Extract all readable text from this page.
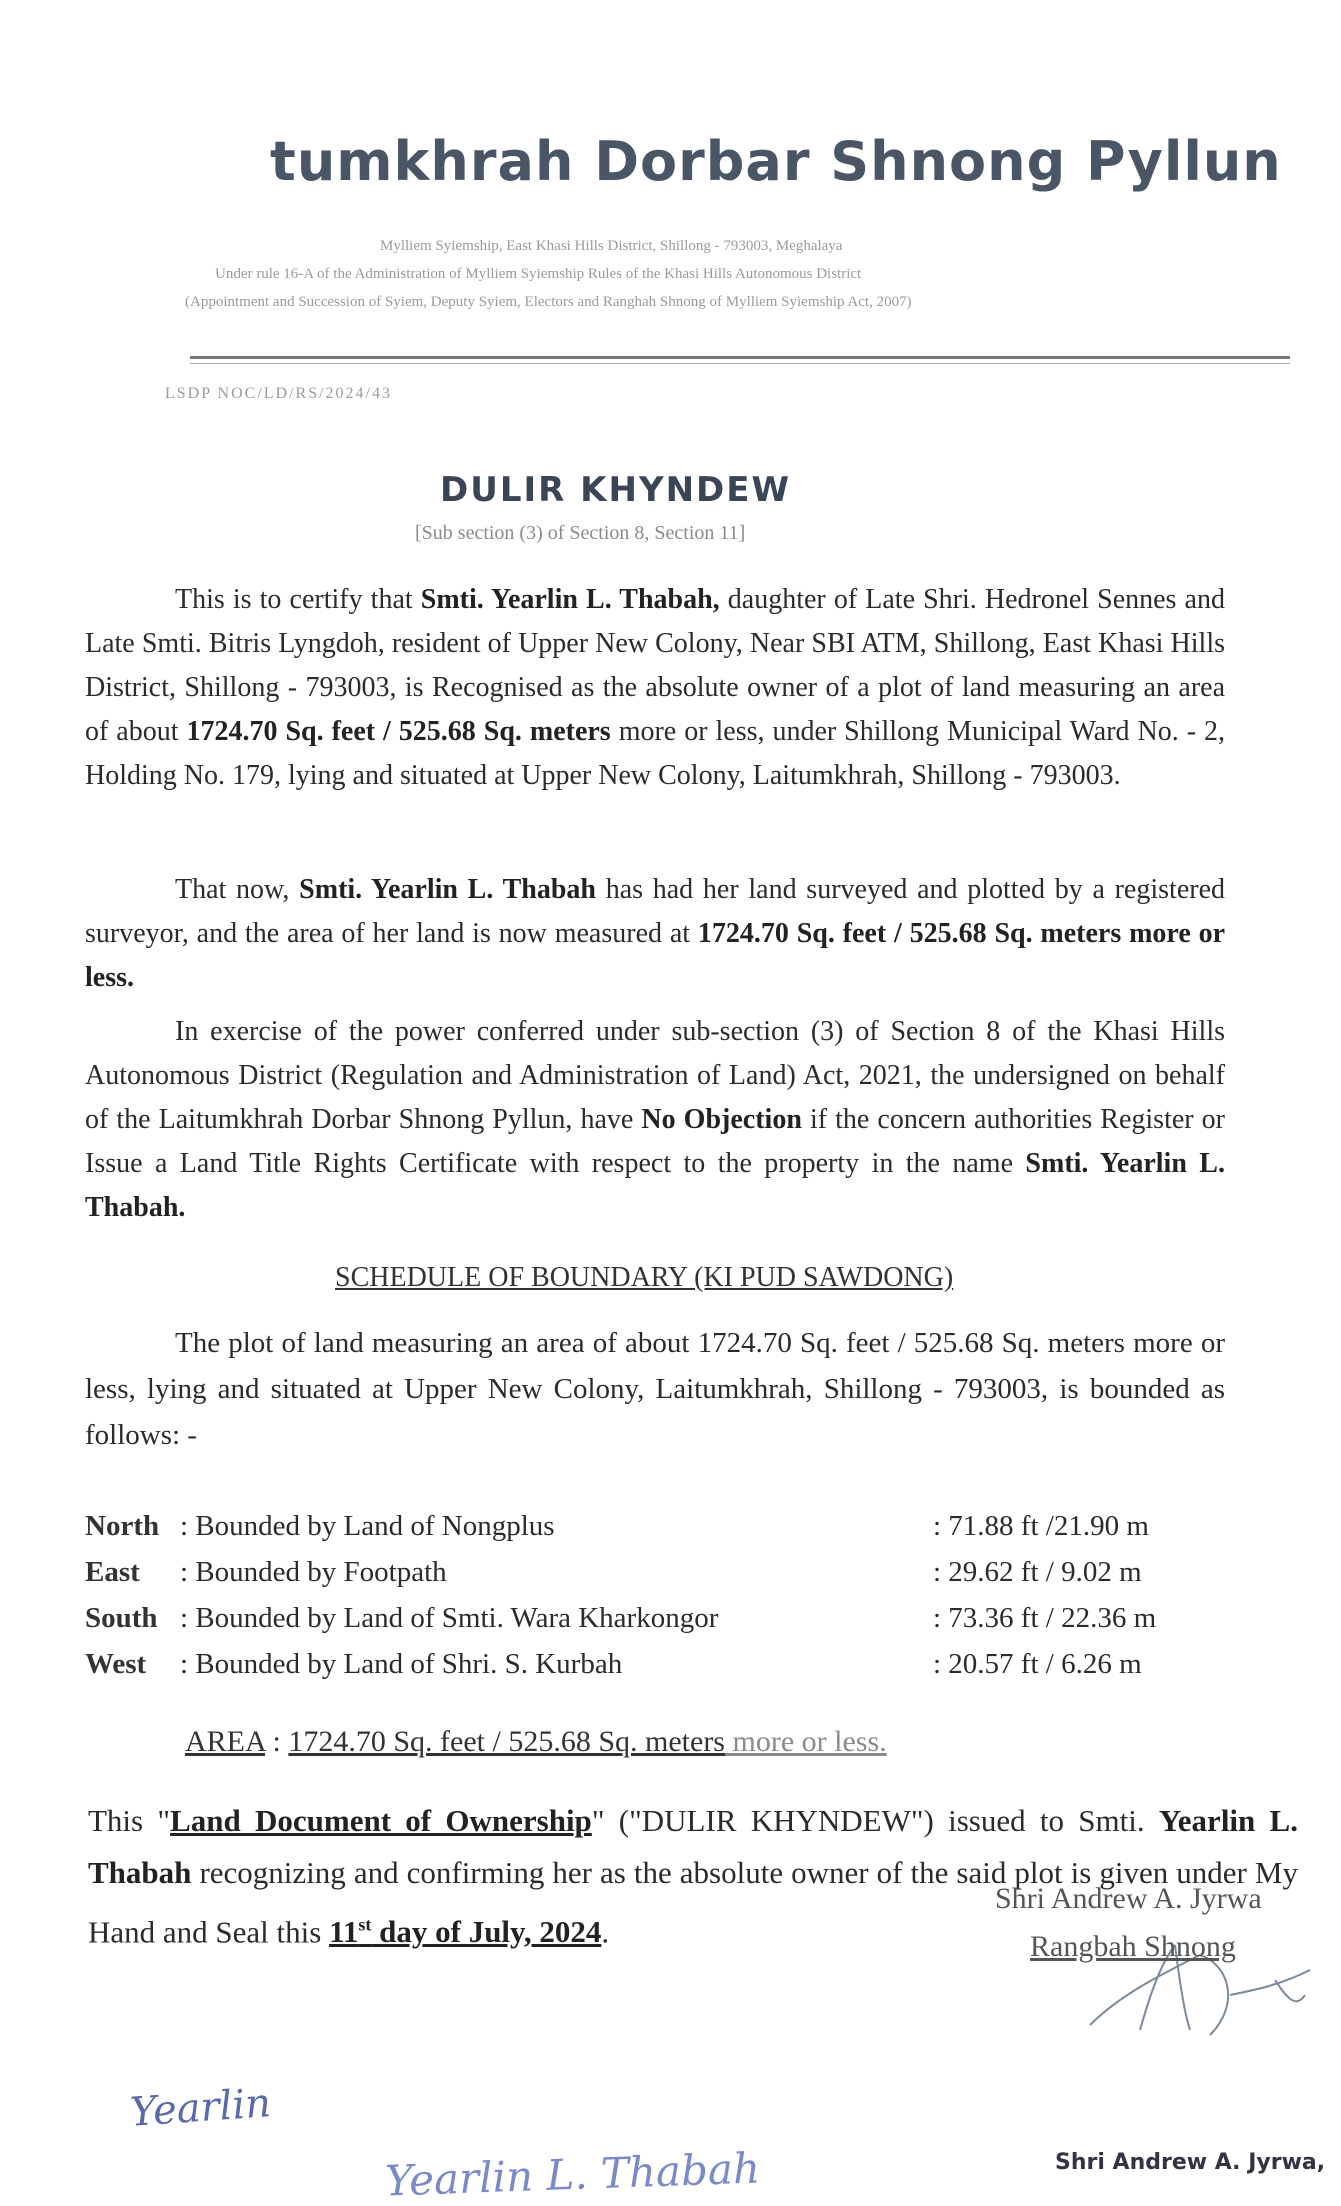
tumkhrah Dorbar Shnong Pyllun
Mylliem Syiemship, East Khasi Hills District, Shillong - 793003, Meghalaya
Under rule 16-A of the Administration of Mylliem Syiemship Rules of the Khasi Hills Autonomous District
(Appointment and Succession of Syiem, Deputy Syiem, Electors and Ranghah Shnong of Mylliem Syiemship Act, 2007)
LSDP NOC/LD/RS/2024/43
DULIR KHYNDEW
[Sub section (3) of Section 8, Section 11]
This is to certify that Smti. Yearlin L. Thabah, daughter of Late Shri. Hedronel Sennes and Late Smti. Bitris Lyngdoh, resident of Upper New Colony, Near SBI ATM, Shillong, East Khasi Hills District, Shillong - 793003, is Recognised as the absolute owner of a plot of land measuring an area of about 1724.70 Sq. feet / 525.68 Sq. meters more or less, under Shillong Municipal Ward No. - 2, Holding No. 179, lying and situated at Upper New Colony, Laitumkhrah, Shillong - 793003.
That now, Smti. Yearlin L. Thabah has had her land surveyed and plotted by a registered surveyor, and the area of her land is now measured at 1724.70 Sq. feet / 525.68 Sq. meters more or less.
In exercise of the power conferred under sub-section (3) of Section 8 of the Khasi Hills Autonomous District (Regulation and Administration of Land) Act, 2021, the undersigned on behalf of the Laitumkhrah Dorbar Shnong Pyllun, have No Objection if the concern authorities Register or Issue a Land Title Rights Certificate with respect to the property in the name Smti. Yearlin L. Thabah.
SCHEDULE OF BOUNDARY (KI PUD SAWDONG)
The plot of land measuring an area of about 1724.70 Sq. feet / 525.68 Sq. meters more or less, lying and situated at Upper New Colony, Laitumkhrah, Shillong - 793003, is bounded as follows: -
North : Bounded by Land of Nongplus	: 71.88 ft /21.90 m
East : Bounded by Footpath	: 29.62 ft / 9.02 m
South : Bounded by Land of Smti. Wara Kharkongor	: 73.36 ft / 22.36 m
West : Bounded by Land of Shri. S. Kurbah	: 20.57 ft / 6.26 m
AREA : 1724.70 Sq. feet / 525.68 Sq. meters more or less.
This "Land Document of Ownership" ("DULIR KHYNDEW") issued to Smti. Yearlin L. Thabah recognizing and confirming her as the absolute owner of the said plot is given under My Hand and Seal this 11st day of July, 2024.
Shri Andrew A. Jyrwa
Rangbah Shnong
Shri Andrew A. Jyrwa,
Yearlin
Yearlin L. Thabah
